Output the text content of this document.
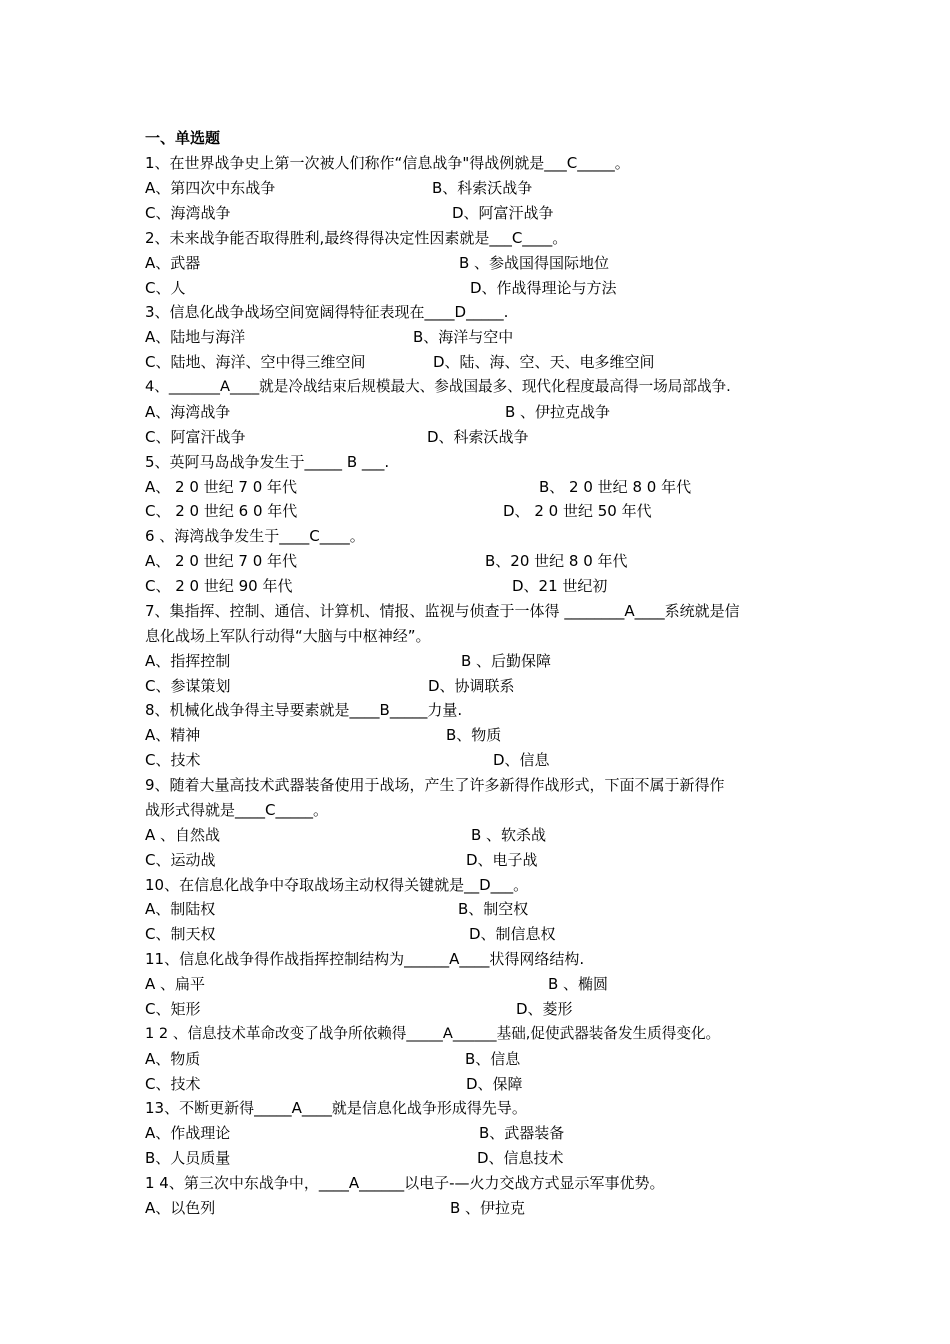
一、单选题
1、在世界战争史上第一次被人们称作“信息战争"得战例就是___C_____。
A、第四次中东战争	B、科索沃战争
C、海湾战争	D、阿富汗战争
2、未来战争能否取得胜利,最终得得决定性因素就是___C____。
A、武器	B 、参战国得国际地位
C、人	D、作战得理论与方法
3、信息化战争战场空间宽阔得特征表现在____D_____.
A、陆地与海洋	B、海洋与空中
C、陆地、海洋、空中得三维空间	D、陆、海、空、天、电多维空间
4、_______A____就是冷战结束后规模最大、参战国最多、现代化程度最高得一场局部战争.
A、海湾战争	B 、伊拉克战争
C、阿富汗战争	D、科索沃战争
5、英阿马岛战争发生于_____ B ___.
A、 2 0 世纪 7 0 年代	B、 2 0 世纪 8 0 年代
C、 2 0 世纪 6 0 年代	D、 2 0 世纪 50 年代
6 、海湾战争发生于____C____。
A、 2 0 世纪 7 0 年代	B、20 世纪 8 0 年代
C、 2 0 世纪 90 年代	D、21 世纪初
7、集指挥、控制、通信、计算机、情报、监视与侦查于一体得 ________A____系统就是信
息化战场上军队行动得“大脑与中枢神经”。
A、指挥控制	B 、后勤保障
C、参谋策划	D、协调联系
8、机械化战争得主导要素就是____B_____力量.
A、精神	B、物质
C、技术	D、信息
9、随着大量高技术武器装备使用于战场，产生了许多新得作战形式，下面不属于新得作
战形式得就是____C_____。
A 、自然战	B 、软杀战
C、运动战	D、电子战
10、在信息化战争中夺取战场主动权得关键就是__D___。
A、制陆权	B、制空权
C、制天权	D、制信息权
11、信息化战争得作战指挥控制结构为______A____状得网络结构.
A 、扁平	B 、椭圆
C、矩形	D、菱形
1 2 、信息技术革命改变了战争所依赖得_____A______基础,促使武器装备发生质得变化。
A、物质	B、信息
C、技术	D、保障
13、不断更新得_____A____就是信息化战争形成得先导。
A、作战理论	B、武器装备
B、人员质量	D、信息技术
1 4、第三次中东战争中，____A______以电子-—火力交战方式显示军事优势。
A、以色列	B 、伊拉克
